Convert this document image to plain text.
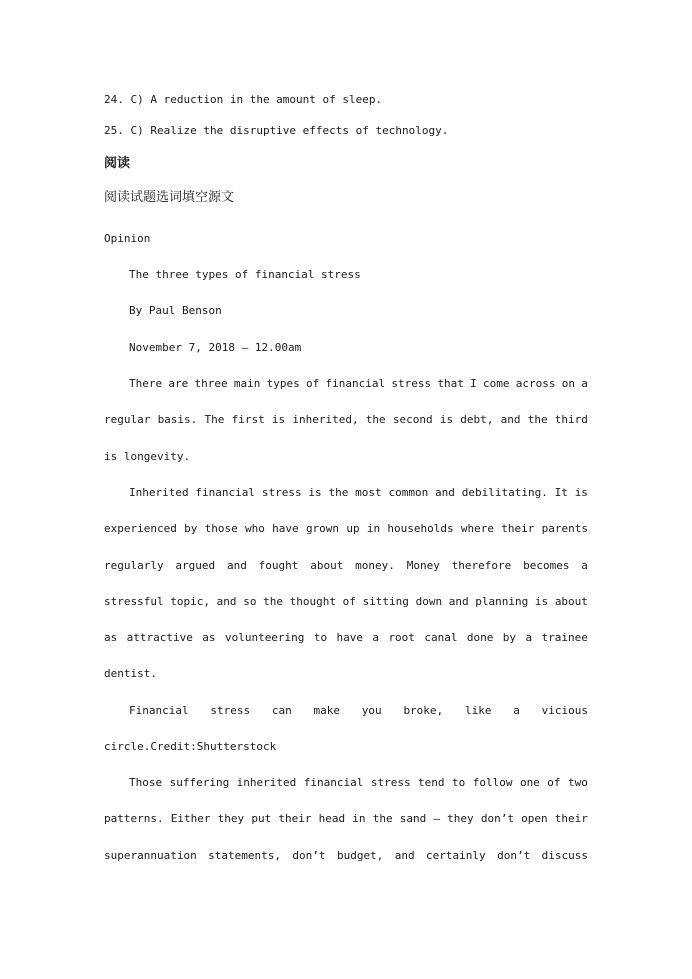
24. C) A reduction in the amount of sleep.
25. C) Realize the disruptive effects of technology.
阅读
阅读试题选词填空源文
Opinion
The three types of financial stress
By Paul Benson
November 7, 2018 — 12.00am
There are three main types of financial stress that I come across on a
regular basis. The first is inherited, the second is debt, and the third
is longevity.
Inherited financial stress is the most common and debilitating. It is
experienced by those who have grown up in households where their parents
regularly argued and fought about money. Money therefore becomes a
stressful topic, and so the thought of sitting down and planning is about
as attractive as volunteering to have a root canal done by a trainee
dentist.
Financial stress can make you broke, like a vicious
circle.Credit:Shutterstock
Those suffering inherited financial stress tend to follow one of two
patterns. Either they put their head in the sand — they don’t open their
superannuation statements, don’t budget, and certainly don’t discuss
